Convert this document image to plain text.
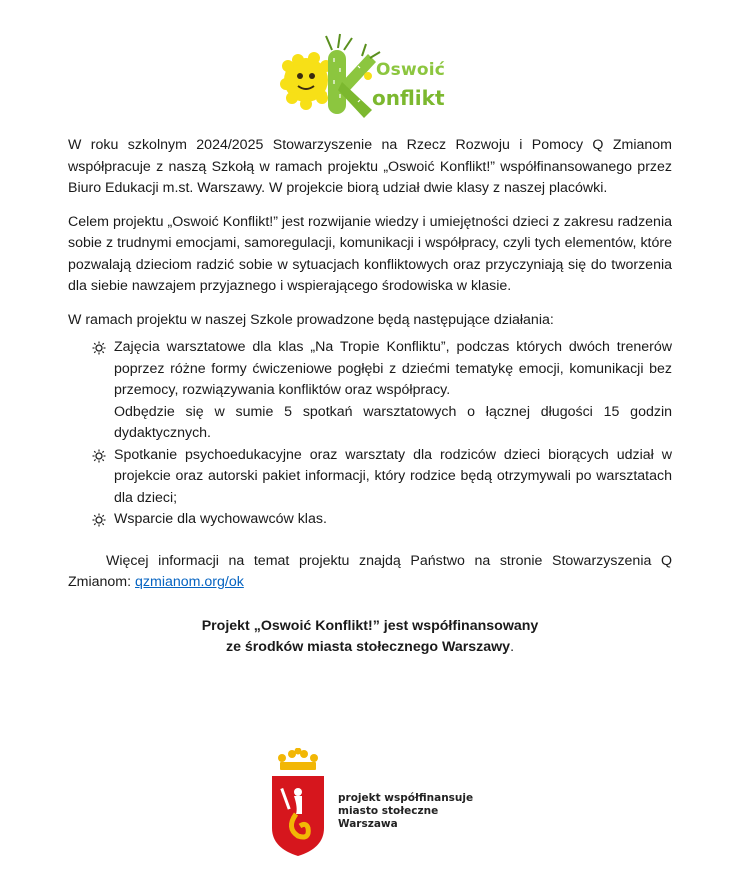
Oswoić
onflikt

W roku szkolnym 2024/2025 Stowarzyszenie na Rzecz Rozwoju i Pomocy Q Zmianom współpracuje z naszą Szkołą w ramach projektu „Oswoić Konflikt!” współfinansowanego przez Biuro Edukacji m.st. Warszawy. W projekcie biorą udział dwie klasy z naszej placówki.

Celem projektu „Oswoić Konflikt!” jest rozwijanie wiedzy i umiejętności dzieci z zakresu radzenia sobie z trudnymi emocjami, samoregulacji, komunikacji i współpracy, czyli tych elementów, które pozwalają dzieciom radzić sobie w sytuacjach konfliktowych oraz przyczyniają się do tworzenia dla siebie nawzajem przyjaznego i wspierającego środowiska w klasie.

W ramach projektu w naszej Szkole prowadzone będą następujące działania:

Zajęcia warsztatowe dla klas „Na Tropie Konfliktu”, podczas których dwóch trenerów poprzez różne formy ćwiczeniowe pogłębi z dziećmi tematykę emocji, komunikacji bez przemocy, rozwiązywania konfliktów oraz współpracy.
Odbędzie się w sumie 5 spotkań warsztatowych o łącznej długości 15 godzin dydaktycznych.
Spotkanie psychoedukacyjne oraz warsztaty dla rodziców dzieci biorących udział w projekcie oraz autorski pakiet informacji, który rodzice będą otrzymywali po warsztatach dla dzieci;
Wsparcie dla wychowawców klas.

Więcej informacji na temat projektu znajdą Państwo na stronie Stowarzyszenia Q Zmianom: qzmianom.org/ok

Projekt „Oswoić Konflikt!” jest współfinansowany

ze środków miasta stołecznego Warszawy.

projekt współfinansuje
miasto stołeczne
Warszawa
